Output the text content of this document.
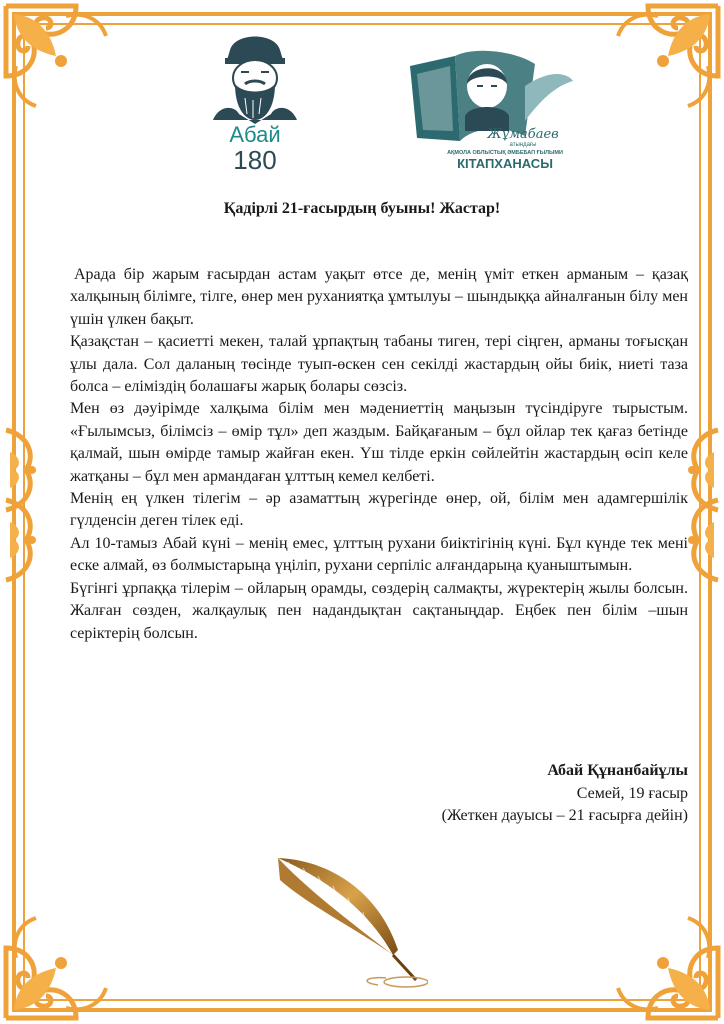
Абай
180
Жұмабаев
атындағы
АҚМОЛА ОБЛЫСТЫҚ ӘМБЕБАП ҒЫЛЫМИ
КІТАПХАНАСЫ
Қадірлі 21-ғасырдың буыны! Жастар!

Арада бір жарым ғасырдан астам уақыт өтсе де, менің үміт еткен арманым – қазақ халқының білімге, тілге, өнер мен руханиятқа ұмтылуы – шындыққа айналғанын білу мен үшін үлкен бақыт.

Қазақстан – қасиетті мекен, талай ұрпақтың табаны тиген, тері сіңген, арманы тоғысқан ұлы дала. Сол даланың төсінде туып-өскен сен секілді жастардың ойы биік, ниеті таза болса – еліміздің болашағы жарық болары сөзсіз.

Мен өз дәуірімде халқыма білім мен мәдениеттің маңызын түсіндіруге тырыстым. «Ғылымсыз, білімсіз – өмір тұл» деп жаздым. Байқағаным – бұл ойлар тек қағаз бетінде қалмай, шын өмірде тамыр жайған екен. Үш тілде еркін сөйлейтін жастардың өсіп келе жатқаны – бұл мен армандаған ұлттың кемел келбеті.

Менің ең үлкен тілегім – әр азаматтың жүрегінде өнер, ой, білім мен адамгершілік гүлденсін деген тілек еді.

Ал 10-тамыз Абай күні – менің емес, ұлттың рухани биіктігінің күні. Бұл күнде тек мені еске алмай, өз болмыстарыңа үңіліп, рухани серпіліс алғандарыңа қуаныштымын.

Бүгінгі ұрпаққа тілерім – ойларың орамды, сөздерің салмақты, жүректерің жылы болсын. Жалған сөзден, жалқаулық пен надандықтан сақтаныңдар. Еңбек пен білім –шын серіктерің болсын.

Абай Құнанбайұлы
Семей, 19 ғасыр
(Жеткен дауысы – 21 ғасырға дейін)
